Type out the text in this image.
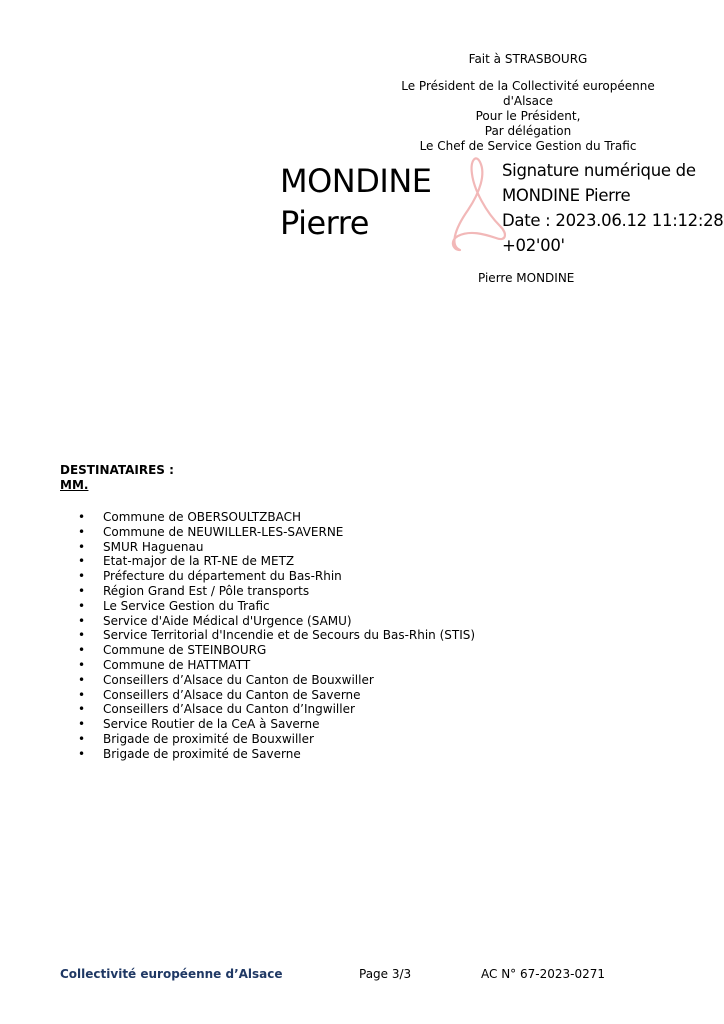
Fait à STRASBOURG
Le Président de la Collectivité européenne
d'Alsace
Pour le Président,
Par délégation
Le Chef de Service Gestion du Trafic
MONDINE
Pierre
Signature numérique de
MONDINE Pierre
Date : 2023.06.12 11:12:28
+02'00'
Pierre MONDINE
DESTINATAIRES :
MM.
• Commune de OBERSOULTZBACH
• Commune de NEUWILLER-LES-SAVERNE
• SMUR Haguenau
• Etat-major de la RT-NE de METZ
• Préfecture du département du Bas-Rhin
• Région Grand Est / Pôle transports
• Le Service Gestion du Trafic
• Service d'Aide Médical d'Urgence (SAMU)
• Service Territorial d'Incendie et de Secours du Bas-Rhin (STIS)
• Commune de STEINBOURG
• Commune de HATTMATT
• Conseillers d’Alsace du Canton de Bouxwiller
• Conseillers d’Alsace du Canton de Saverne
• Conseillers d’Alsace du Canton d’Ingwiller
• Service Routier de la CeA à Saverne
• Brigade de proximité de Bouxwiller
• Brigade de proximité de Saverne
Collectivité européenne d’Alsace	Page 3/3	AC N° 67-2023-0271
